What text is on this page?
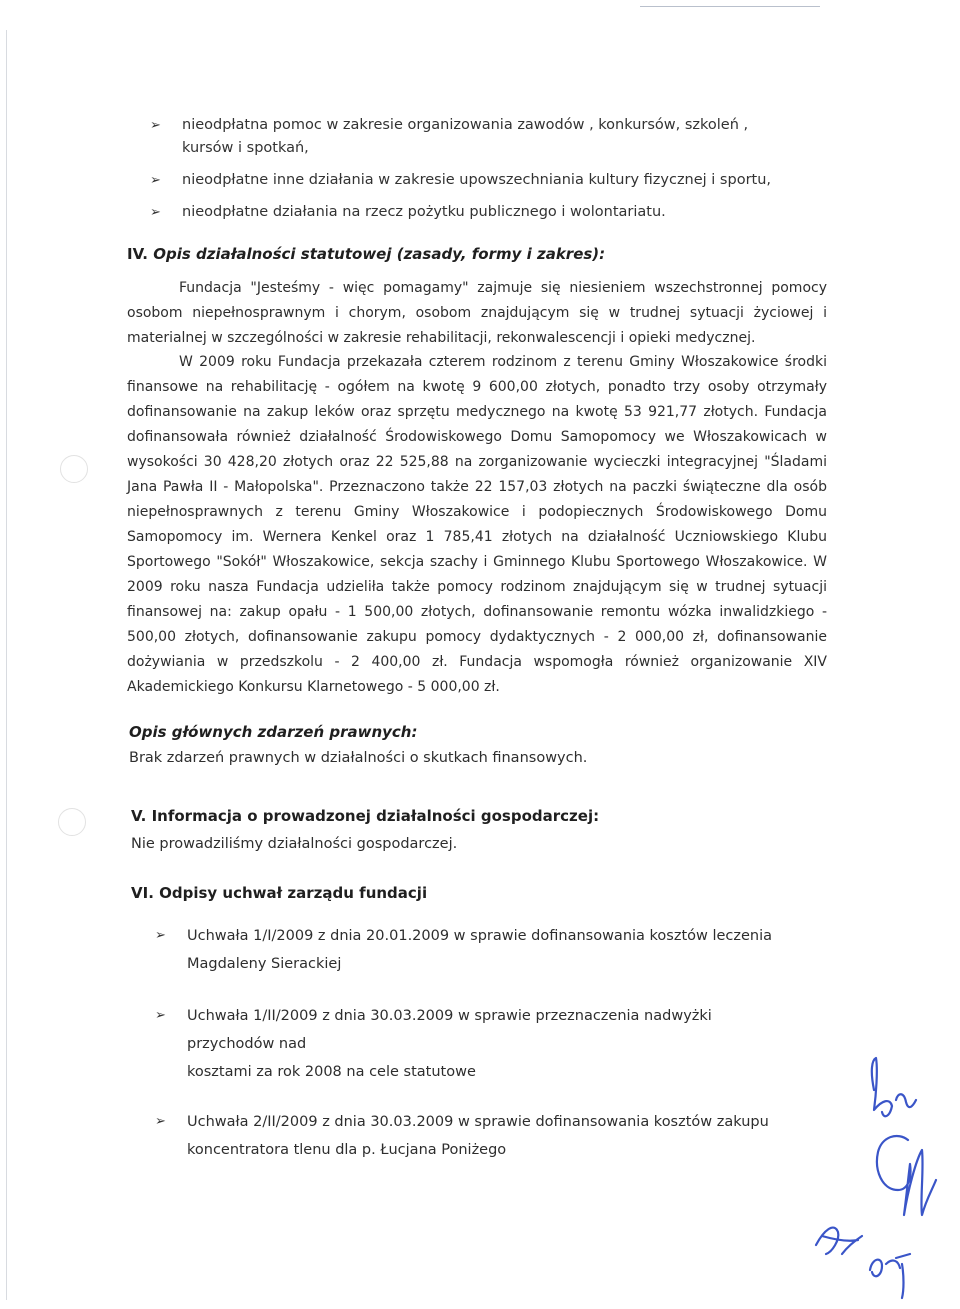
➢ nieodpłatna pomoc w zakresie organizowania zawodów , konkursów, szkoleń , kursów i spotkań,
➢ nieodpłatne inne działania w zakresie upowszechniania kultury fizycznej i sportu,
➢ nieodpłatne działania na rzecz pożytku publicznego i wolontariatu.
IV. Opis działalności statutowej (zasady, formy i zakres):

Fundacja "Jesteśmy - więc pomagamy" zajmuje się niesieniem wszechstronnej pomocy osobom niepełnosprawnym i chorym, osobom znajdującym się w trudnej sytuacji życiowej i materialnej w szczególności w zakresie rehabilitacji, rekonwalescencji i opieki medycznej.

W 2009 roku Fundacja przekazała czterem rodzinom z terenu Gminy Włoszakowice środki finansowe na rehabilitację - ogółem na kwotę 9 600,00 złotych, ponadto trzy osoby otrzymały dofinansowanie na zakup leków oraz sprzętu medycznego na kwotę 53 921,77 złotych. Fundacja dofinansowała również działalność Środowiskowego Domu Samopomocy we Włoszakowicach w wysokości 30 428,20 złotych oraz 22 525,88 na zorganizowanie wycieczki integracyjnej "Śladami Jana Pawła II - Małopolska". Przeznaczono także 22 157,03 złotych na paczki świąteczne dla osób niepełnosprawnych z terenu Gminy Włoszakowice i podopiecznych Środowiskowego Domu Samopomocy im. Wernera Kenkel oraz 1 785,41 złotych na działalność Uczniowskiego Klubu Sportowego "Sokół" Włoszakowice, sekcja szachy i Gminnego Klubu Sportowego Włoszakowice. W 2009 roku nasza Fundacja udzieliła także pomocy rodzinom znajdującym się w trudnej sytuacji finansowej na: zakup opału - 1 500,00 złotych, dofinansowanie remontu wózka inwalidzkiego - 500,00 złotych, dofinansowanie zakupu pomocy dydaktycznych - 2 000,00 zł, dofinansowanie dożywiania w przedszkolu - 2 400,00 zł. Fundacja wspomogła również organizowanie XIV Akademickiego Konkursu Klarnetowego - 5 000,00 zł.

Opis głównych zdarzeń prawnych:
Brak zdarzeń prawnych w działalności o skutkach finansowych.
V. Informacja o prowadzonej działalności gospodarczej:
Nie prowadziliśmy działalności gospodarczej.
VI. Odpisy uchwał zarządu fundacji
➢ Uchwała 1/I/2009 z dnia 20.01.2009 w sprawie dofinansowania kosztów leczenia
Magdaleny Sierackiej
➢ Uchwała 1/II/2009 z dnia 30.03.2009 w sprawie przeznaczenia nadwyżki przychodów nad
kosztami za rok 2008 na cele statutowe
➢ Uchwała 2/II/2009 z dnia 30.03.2009 w sprawie dofinansowania kosztów zakupu
koncentratora tlenu dla p. Łucjana Poniżego
